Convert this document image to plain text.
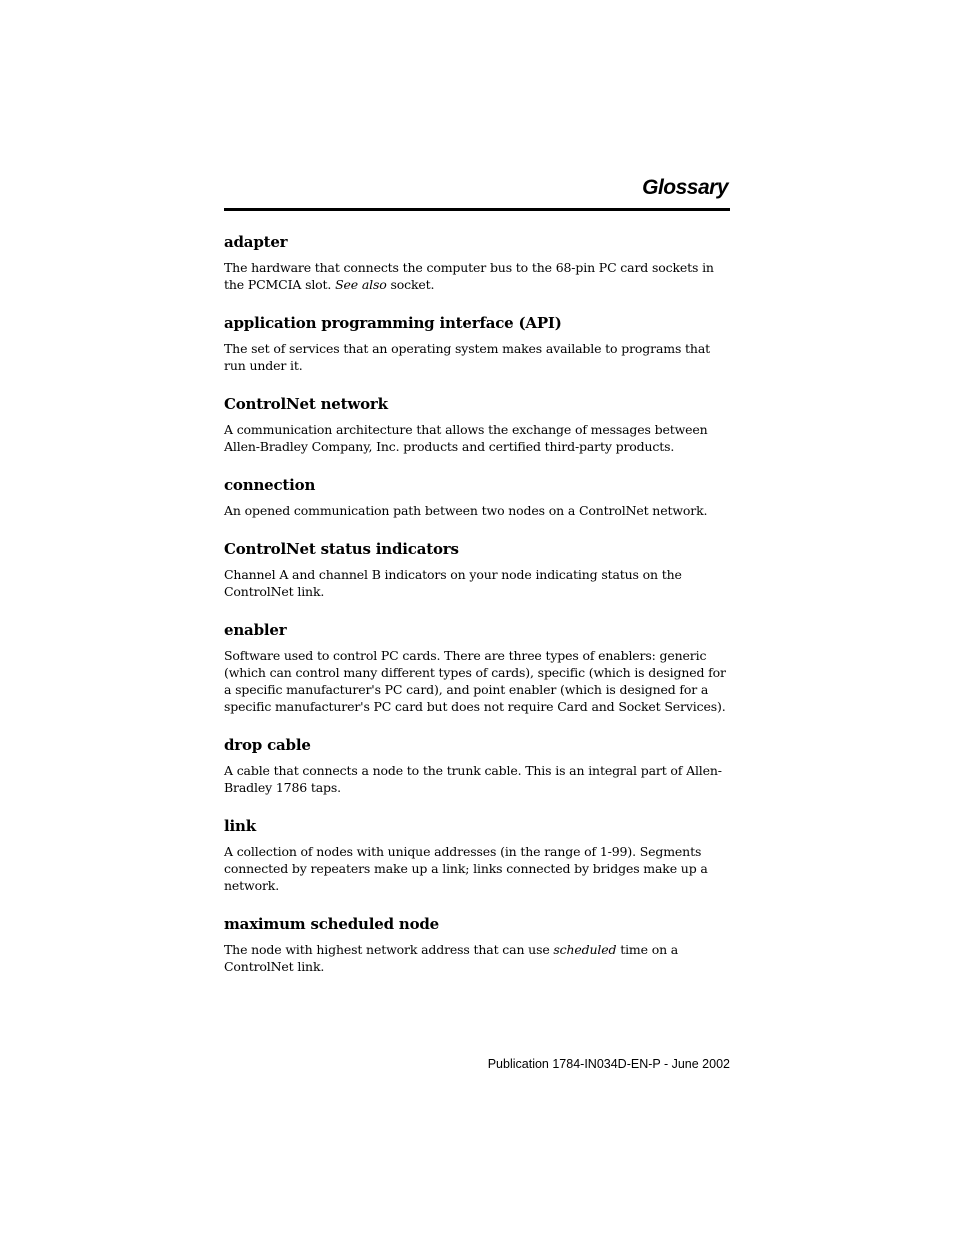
Glossary
adapter

The hardware that connects the computer bus to the 68-pin PC card sockets in the PCMCIA slot. See also socket.

application programming interface (API)

The set of services that an operating system makes available to programs that run under it.

ControlNet network

A communication architecture that allows the exchange of messages between Allen-Bradley Company, Inc. products and certified third-party products.

connection

An opened communication path between two nodes on a ControlNet network.

ControlNet status indicators

Channel A and channel B indicators on your node indicating status on the ControlNet link.

enabler

Software used to control PC cards. There are three types of enablers: generic (which can control many different types of cards), specific (which is designed for a specific manufacturer's PC card), and point enabler (which is designed for a specific manufacturer's PC card but does not require Card and Socket Services).

drop cable

A cable that connects a node to the trunk cable. This is an integral part of Allen-Bradley 1786 taps.

link

A collection of nodes with unique addresses (in the range of 1-99). Segments connected by repeaters make up a link; links connected by bridges make up a network.

maximum scheduled node

The node with highest network address that can use scheduled time on a ControlNet link.

Publication 1784-IN034D-EN-P - June 2002
